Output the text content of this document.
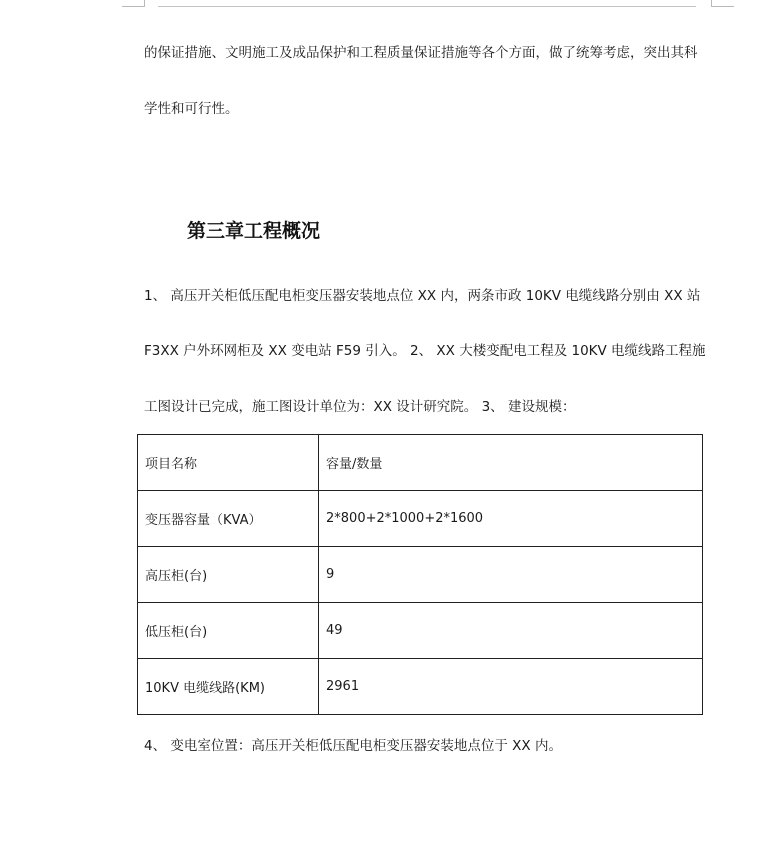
的保证措施、文明施工及成品保护和工程质量保证措施等各个方面，做了统筹考虑，突出其科
学性和可行性。
第三章工程概况
1、 高压开关柜低压配电柜变压器安装地点位 XX 内，两条市政 10KV 电缆线路分别由 XX 站
F3XX 户外环网柜及 XX 变电站 F59 引入。 2、 XX 大楼变配电工程及 10KV 电缆线路工程施
工图设计已完成，施工图设计单位为：XX 设计研究院。 3、 建设规模：
项目名称	容量/数量
变压器容量（KVA）	2*800+2*1000+2*1600
高压柜(台)	9
低压柜(台)	49
10KV 电缆线路(KM)	2961
4、 变电室位置：高压开关柜低压配电柜变压器安装地点位于 XX 内。
